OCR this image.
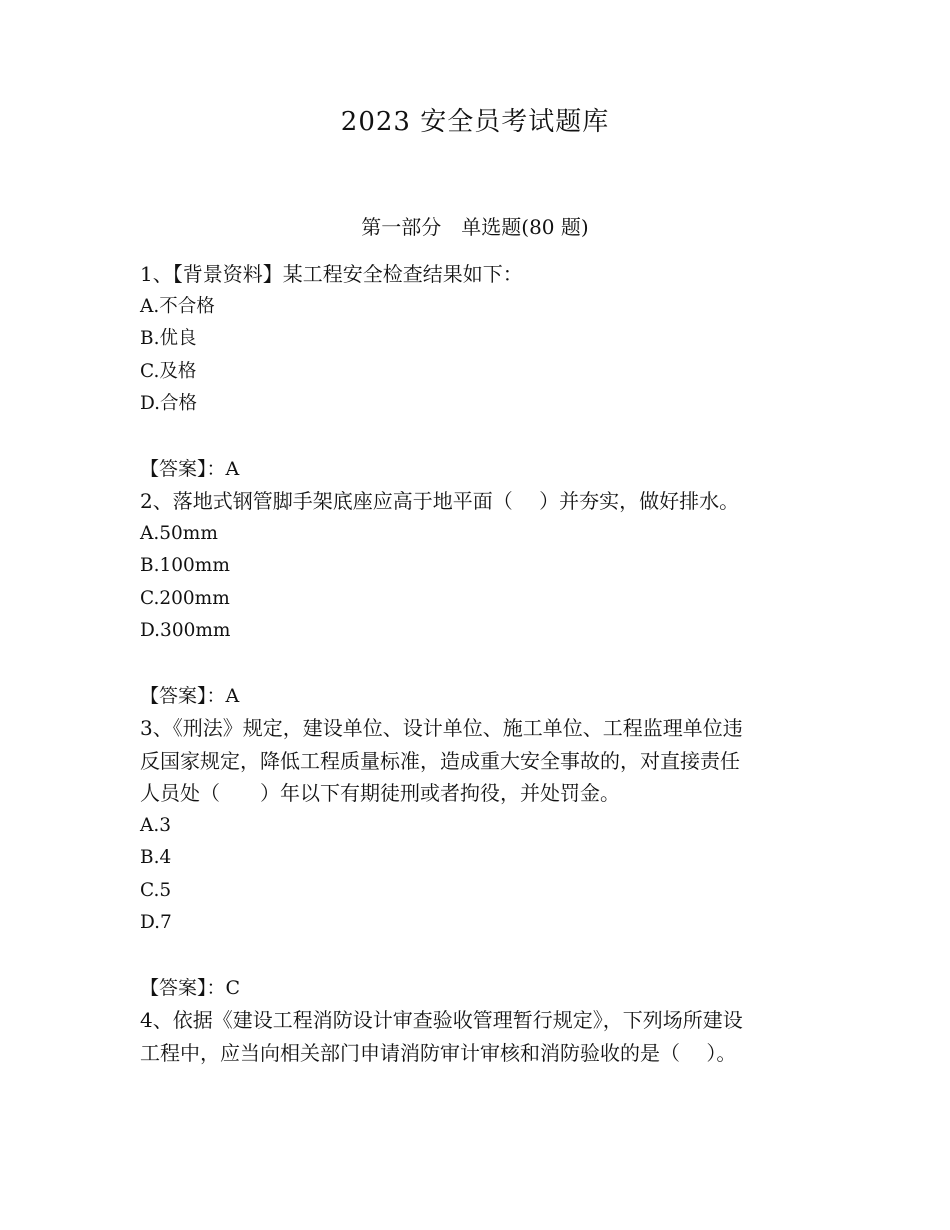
2023 安全员考试题库
第一部分　单选题(80 题)

1、【背景资料】某工程安全检查结果如下：

A.不合格

B.优良

C.及格

D.合格

【答案】：A

2、落地式钢管脚手架底座应高于地平面（　 ）并夯实，做好排水。

A.50mm

B.100mm

C.200mm

D.300mm

【答案】：A

3、《刑法》规定，建设单位、设计单位、施工单位、工程监理单位违

反国家规定，降低工程质量标准，造成重大安全事故的，对直接责任

人员处（　　）年以下有期徒刑或者拘役，并处罚金。

A.3

B.4

C.5

D.7

【答案】：C

4、依据《建设工程消防设计审查验收管理暂行规定》，下列场所建设

工程中，应当向相关部门申请消防审计审核和消防验收的是（　 ）。
